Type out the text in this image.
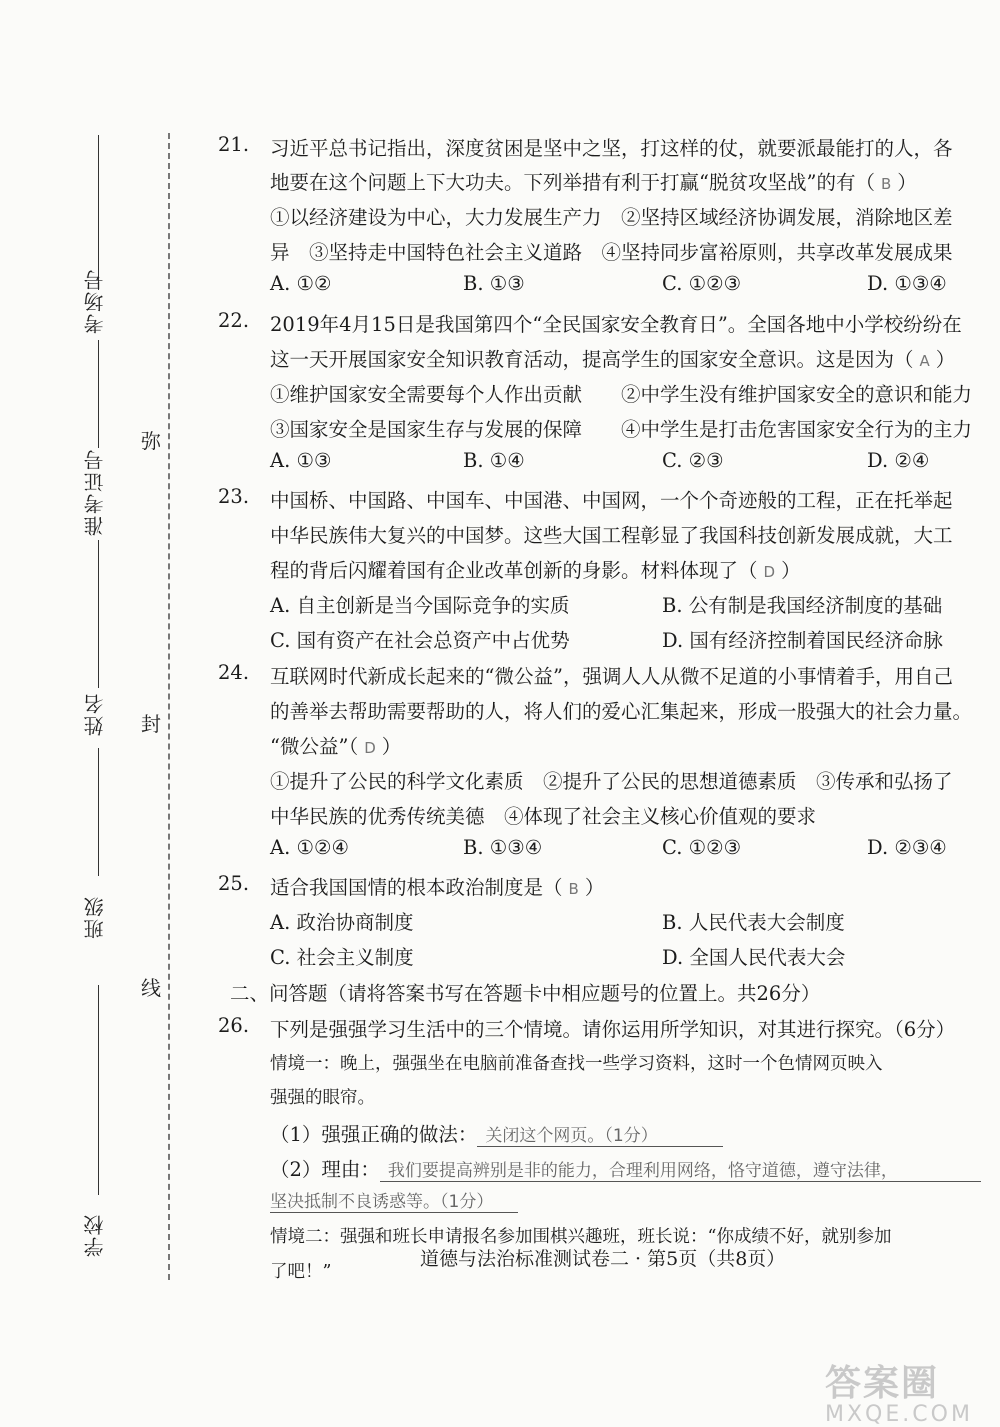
考场号
准考证号
姓名
班级
学校
弥
封
线
21. 习近平总书记指出，深度贫困是坚中之坚，打这样的仗，就要派最能打的人，各
地要在这个问题上下大功夫。下列举措有利于打赢“脱贫攻坚战”的有（ B ）
①以经济建设为中心，大力发展生产力　②坚持区域经济协调发展，消除地区差
异　③坚持走中国特色社会主义道路　④坚持同步富裕原则，共享改革发展成果
A. ①②	B. ①③	C. ①②③	D. ①③④
22. 2019年4月15日是我国第四个“全民国家安全教育日”。全国各地中小学校纷纷在
这一天开展国家安全知识教育活动，提高学生的国家安全意识。这是因为（ A ）
①维护国家安全需要每个人作出贡献　　②中学生没有维护国家安全的意识和能力
③国家安全是国家生存与发展的保障　　④中学生是打击危害国家安全行为的主力
A. ①③	B. ①④	C. ②③	D. ②④
23. 中国桥、中国路、中国车、中国港、中国网，一个个奇迹般的工程，正在托举起
中华民族伟大复兴的中国梦。这些大国工程彰显了我国科技创新发展成就，大工
程的背后闪耀着国有企业改革创新的身影。材料体现了（ D ）
A. 自主创新是当今国际竞争的实质	B. 公有制是我国经济制度的基础
C. 国有资产在社会总资产中占优势	D. 国有经济控制着国民经济命脉
24. 互联网时代新成长起来的“微公益”，强调人人从微不足道的小事情着手，用自己
的善举去帮助需要帮助的人，将人们的爱心汇集起来，形成一股强大的社会力量。
“微公益”（ D ）
①提升了公民的科学文化素质　②提升了公民的思想道德素质　③传承和弘扬了
中华民族的优秀传统美德　④体现了社会主义核心价值观的要求
A. ①②④	B. ①③④	C. ①②③	D. ②③④
25. 适合我国国情的根本政治制度是（ B ）
A. 政治协商制度	B. 人民代表大会制度
C. 社会主义制度	D. 全国人民代表大会
二、问答题（请将答案书写在答题卡中相应题号的位置上。共26分）
26. 下列是强强学习生活中的三个情境。请你运用所学知识，对其进行探究。（6分）
情境一：晚上，强强坐在电脑前准备查找一些学习资料，这时一个色情网页映入
强强的眼帘。
（1）强强正确的做法： 关闭这个网页。（1分）
（2）理由： 我们要提高辨别是非的能力，合理利用网络，恪守道德，遵守法律，
坚决抵制不良诱惑等。（1分）
情境二：强强和班长申请报名参加围棋兴趣班，班长说：“你成绩不好，就别参加
了吧！”
道德与法治标准测试卷二 · 第5页（共8页）
答案圈
MXQE.COM
